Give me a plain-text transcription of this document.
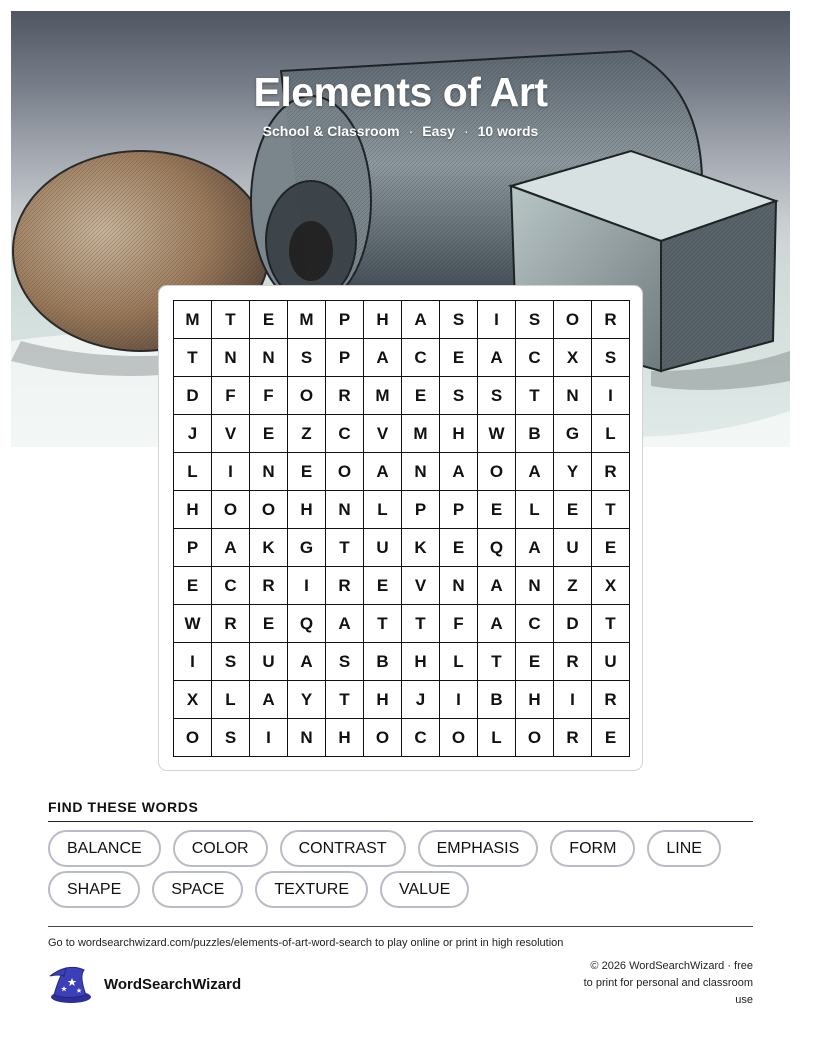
Elements of Art
School & Classroom · Easy · 10 words
M	T	E	M	P	H	A	S	I	S	O	R
T	N	N	S	P	A	C	E	A	C	X	S
D	F	F	O	R	M	E	S	S	T	N	I
J	V	E	Z	C	V	M	H	W	B	G	L
L	I	N	E	O	A	N	A	O	A	Y	R
H	O	O	H	N	L	P	P	E	L	E	T
P	A	K	G	T	U	K	E	Q	A	U	E
E	C	R	I	R	E	V	N	A	N	Z	X
W	R	E	Q	A	T	T	F	A	C	D	T
I	S	U	A	S	B	H	L	T	E	R	U
X	L	A	Y	T	H	J	I	B	H	I	R
O	S	I	N	H	O	C	O	L	O	R	E
FIND THESE WORDS
BALANCE	COLOR	CONTRAST	EMPHASIS	FORM	LINE
SHAPE	SPACE	TEXTURE	VALUE
Go to wordsearchwizard.com/puzzles/elements-of-art-word-search to play online or print in high resolution
WordSearchWizard
© 2026 WordSearchWizard · free to print for personal and classroom use
